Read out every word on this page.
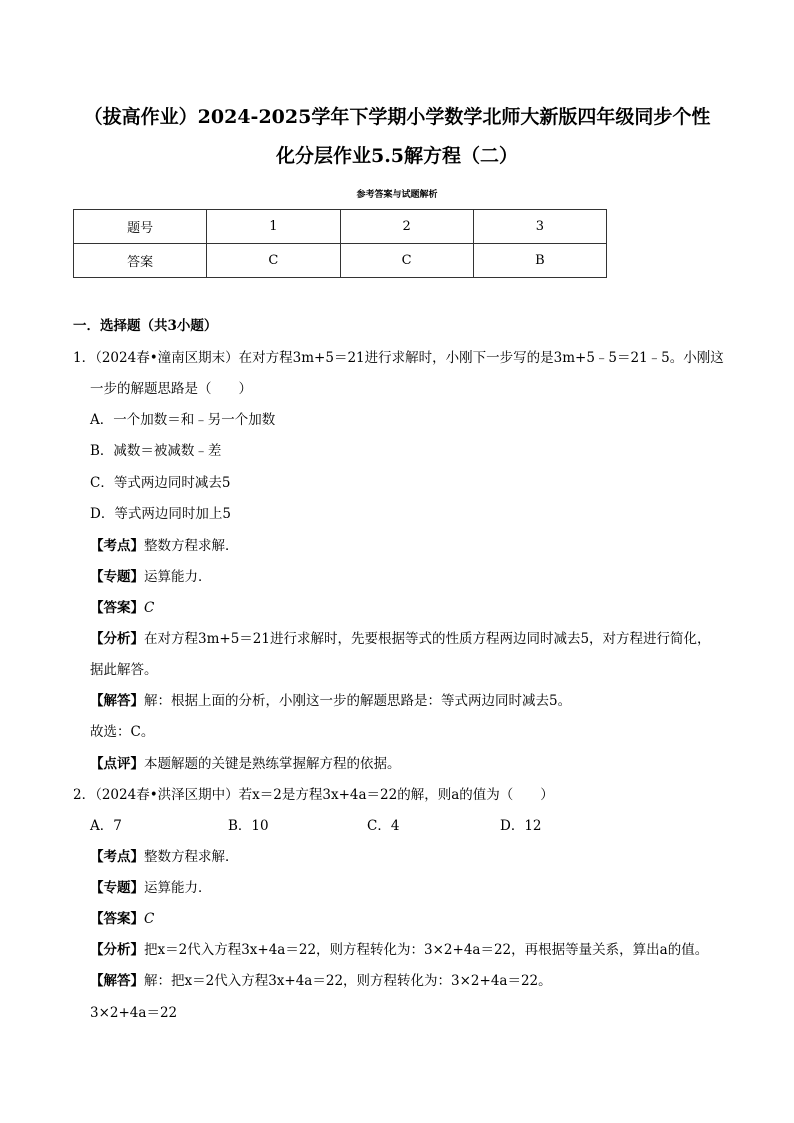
（拔高作业）2024-2025学年下学期小学数学北师大新版四年级同步个性
化分层作业5.5解方程（二）
参考答案与试题解析
题号	1	2	3
答案	C	C	B
一．选择题（共3小题）
1．（2024春•潼南区期末）在对方程3m+5＝21进行求解时，小刚下一步写的是3m+5﹣5＝21﹣5。小刚这
一步的解题思路是（　　）
A．一个加数＝和﹣另一个加数
B．减数＝被减数﹣差
C．等式两边同时减去5
D．等式两边同时加上5
【考点】整数方程求解．
【专题】运算能力．
【答案】C
【分析】在对方程3m+5＝21进行求解时，先要根据等式的性质方程两边同时减去5，对方程进行简化，
据此解答。
【解答】解：根据上面的分析，小刚这一步的解题思路是：等式两边同时减去5。
故选：C。
【点评】本题解题的关键是熟练掌握解方程的依据。
2．（2024春•洪泽区期中）若x＝2是方程3x+4a＝22的解，则a的值为（　　）
A．7	B．10	C．4	D．12
【考点】整数方程求解．
【专题】运算能力．
【答案】C
【分析】把x＝2代入方程3x+4a＝22，则方程转化为：3×2+4a＝22，再根据等量关系，算出a的值。
【解答】解：把x＝2代入方程3x+4a＝22，则方程转化为：3×2+4a＝22。
3×2+4a＝22
